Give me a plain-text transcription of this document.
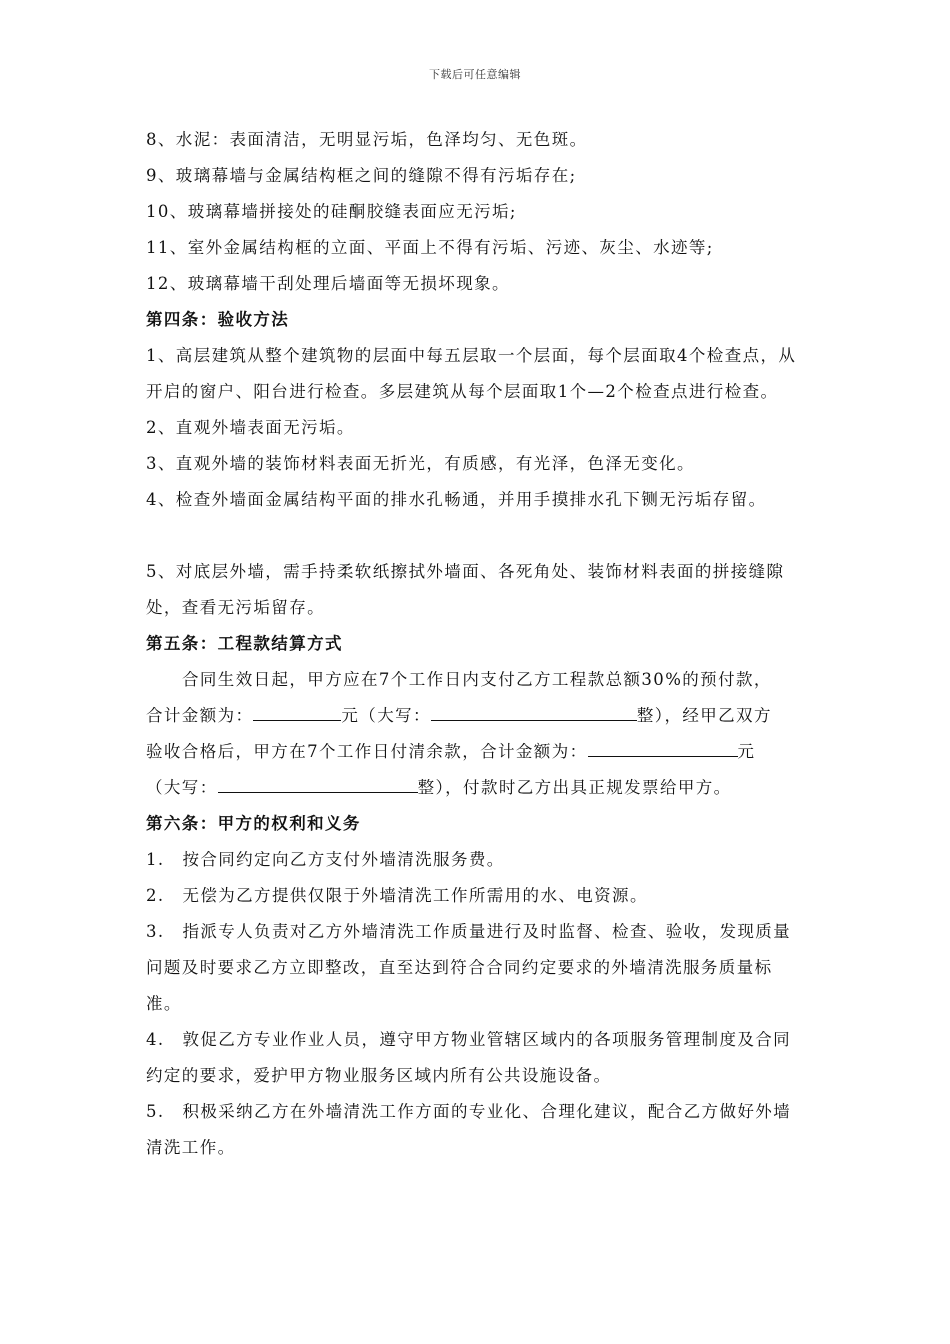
下载后可任意编辑
8、水泥：表面清洁，无明显污垢，色泽均匀、无色斑。
9、玻璃幕墙与金属结构框之间的缝隙不得有污垢存在;
10、玻璃幕墙拼接处的硅酮胶缝表面应无污垢;
11、室外金属结构框的立面、平面上不得有污垢、污迹、灰尘、水迹等;
12、玻璃幕墙干刮处理后墙面等无损坏现象。
第四条：验收方法
1、高层建筑从整个建筑物的层面中每五层取一个层面，每个层面取4个检查点，从开启的窗户、阳台进行检查。多层建筑从每个层面取1个—2个检查点进行检查。
2、直观外墙表面无污垢。
3、直观外墙的装饰材料表面无折光，有质感，有光泽，色泽无变化。
4、检查外墙面金属结构平面的排水孔畅通，并用手摸排水孔下铡无污垢存留。
5、对底层外墙，需手持柔软纸擦拭外墙面、各死角处、装饰材料表面的拼接缝隙处，查看无污垢留存。
第五条：工程款结算方式
合同生效日起，甲方应在7个工作日内支付乙方工程款总额30%的预付款，
合计金额为：	元（大写：	整），经甲乙双方
验收合格后，甲方在7个工作日付清余款，合计金额为：	元
（大写：	整），付款时乙方出具正规发票给甲方。
第六条：甲方的权利和义务
1.　按合同约定向乙方支付外墙清洗服务费。
2.　无偿为乙方提供仅限于外墙清洗工作所需用的水、电资源。
3.　指派专人负责对乙方外墙清洗工作质量进行及时监督、检查、验收，发现质量问题及时要求乙方立即整改，直至达到符合合同约定要求的外墙清洗服务质量标准。
4.　敦促乙方专业作业人员，遵守甲方物业管辖区域内的各项服务管理制度及合同约定的要求，爱护甲方物业服务区域内所有公共设施设备。
5.　积极采纳乙方在外墙清洗工作方面的专业化、合理化建议，配合乙方做好外墙清洗工作。
